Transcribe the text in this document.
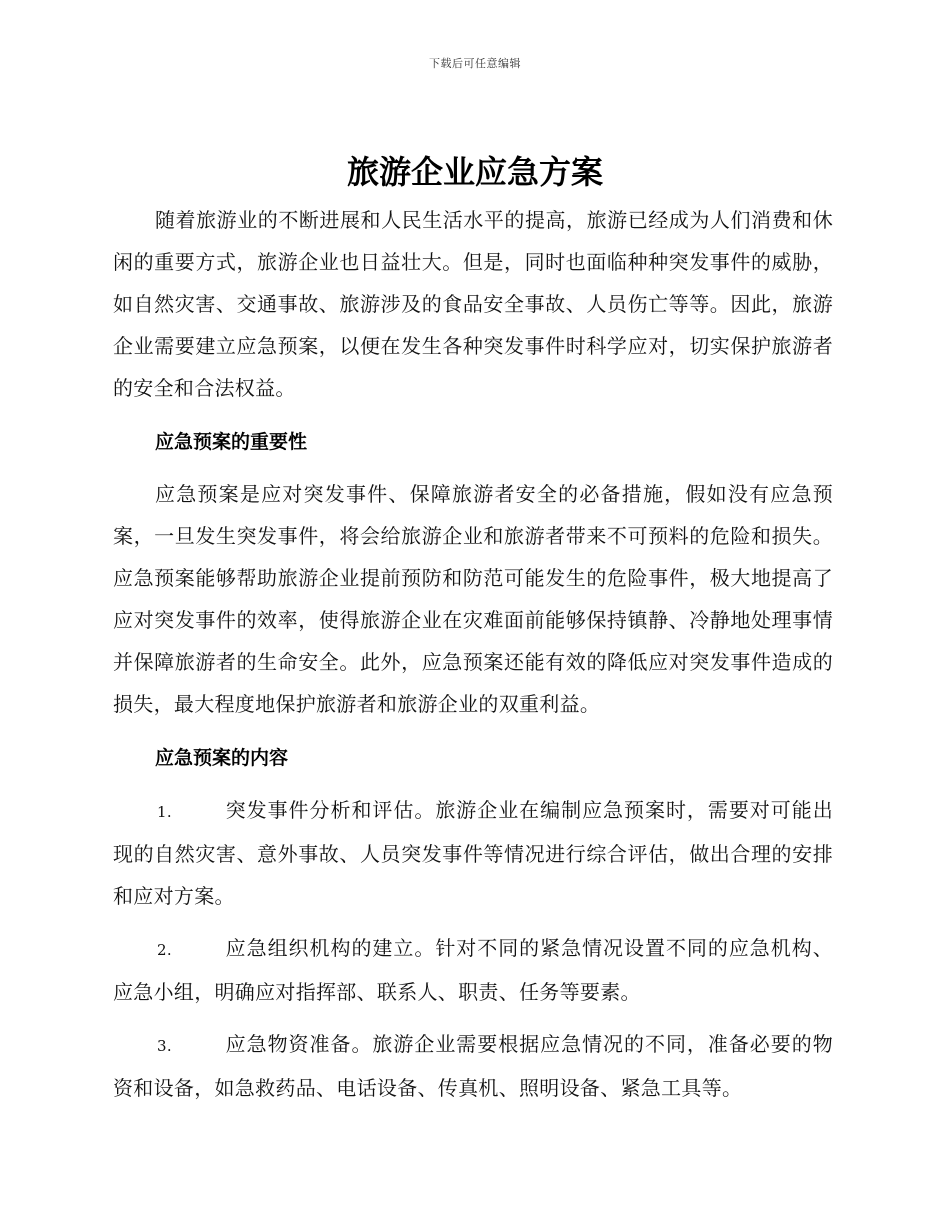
下载后可任意编辑
旅游企业应急方案

随着旅游业的不断进展和人民生活水平的提高，旅游已经成为人们消费和休闲的重要方式，旅游企业也日益壮大。但是，同时也面临种种突发事件的威胁，如自然灾害、交通事故、旅游涉及的食品安全事故、人员伤亡等等。因此，旅游企业需要建立应急预案，以便在发生各种突发事件时科学应对，切实保护旅游者的安全和合法权益。

应急预案的重要性

应急预案是应对突发事件、保障旅游者安全的必备措施，假如没有应急预案，一旦发生突发事件，将会给旅游企业和旅游者带来不可预料的危险和损失。应急预案能够帮助旅游企业提前预防和防范可能发生的危险事件，极大地提高了应对突发事件的效率，使得旅游企业在灾难面前能够保持镇静、冷静地处理事情并保障旅游者的生命安全。此外，应急预案还能有效的降低应对突发事件造成的损失，最大程度地保护旅游者和旅游企业的双重利益。

应急预案的内容
1.	突发事件分析和评估。旅游企业在编制应急预案时，需要对可能出现的自然灾害、意外事故、人员突发事件等情况进行综合评估，做出合理的安排和应对方案。
2.	应急组织机构的建立。针对不同的紧急情况设置不同的应急机构、应急小组，明确应对指挥部、联系人、职责、任务等要素。
3.	应急物资准备。旅游企业需要根据应急情况的不同，准备必要的物资和设备，如急救药品、电话设备、传真机、照明设备、紧急工具等。
